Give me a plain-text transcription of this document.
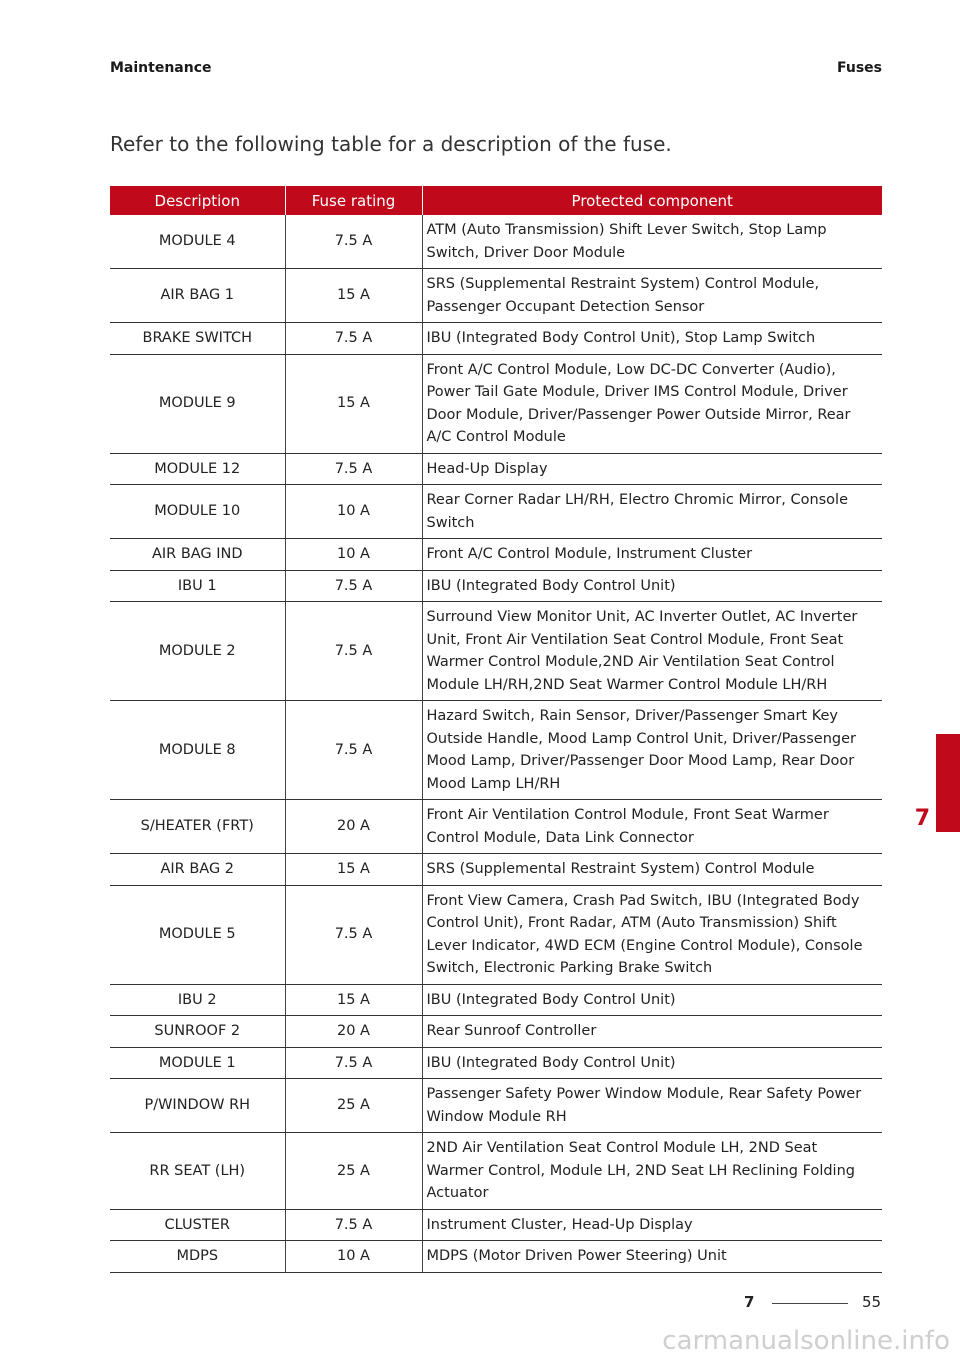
Maintenance	Fuses
Refer to the following table for a description of the fuse.
Description	Fuse rating	Protected component
MODULE 4	7.5 A	ATM (Auto Transmission) Shift Lever Switch, Stop Lamp Switch, Driver Door Module
AIR BAG 1	15 A	SRS (Supplemental Restraint System) Control Module, Passenger Occupant Detection Sensor
BRAKE SWITCH	7.5 A	IBU (Integrated Body Control Unit), Stop Lamp Switch
MODULE 9	15 A	Front A/C Control Module, Low DC-DC Converter (Audio), Power Tail Gate Module, Driver IMS Control Module, Driver Door Module, Driver/Passenger Power Outside Mirror, Rear A/C Control Module
MODULE 12	7.5 A	Head-Up Display
MODULE 10	10 A	Rear Corner Radar LH/RH, Electro Chromic Mirror, Console Switch
AIR BAG IND	10 A	Front A/C Control Module, Instrument Cluster
IBU 1	7.5 A	IBU (Integrated Body Control Unit)
MODULE 2	7.5 A	Surround View Monitor Unit, AC Inverter Outlet, AC Inverter Unit, Front Air Ventilation Seat Control Module, Front Seat Warmer Control Module,2ND Air Ventilation Seat Control Module LH/RH,2ND Seat Warmer Control Module LH/RH
MODULE 8	7.5 A	Hazard Switch, Rain Sensor, Driver/Passenger Smart Key Outside Handle, Mood Lamp Control Unit, Driver/Passenger Mood Lamp, Driver/Passenger Door Mood Lamp, Rear Door Mood Lamp LH/RH
S/HEATER (FRT)	20 A	Front Air Ventilation Control Module, Front Seat Warmer Control Module, Data Link Connector
AIR BAG 2	15 A	SRS (Supplemental Restraint System) Control Module
MODULE 5	7.5 A	Front View Camera, Crash Pad Switch, IBU (Integrated Body Control Unit), Front Radar, ATM (Auto Transmission) Shift Lever Indicator, 4WD ECM (Engine Control Module), Console Switch, Electronic Parking Brake Switch
IBU 2	15 A	IBU (Integrated Body Control Unit)
SUNROOF 2	20 A	Rear Sunroof Controller
MODULE 1	7.5 A	IBU (Integrated Body Control Unit)
P/WINDOW RH	25 A	Passenger Safety Power Window Module, Rear Safety Power Window Module RH
RR SEAT (LH)	25 A	2ND Air Ventilation Seat Control Module LH, 2ND Seat Warmer Control, Module LH, 2ND Seat LH Reclining Folding Actuator
CLUSTER	7.5 A	Instrument Cluster, Head-Up Display
MDPS	10 A	MDPS (Motor Driven Power Steering) Unit
7
7	55
carmanualsonline.info
